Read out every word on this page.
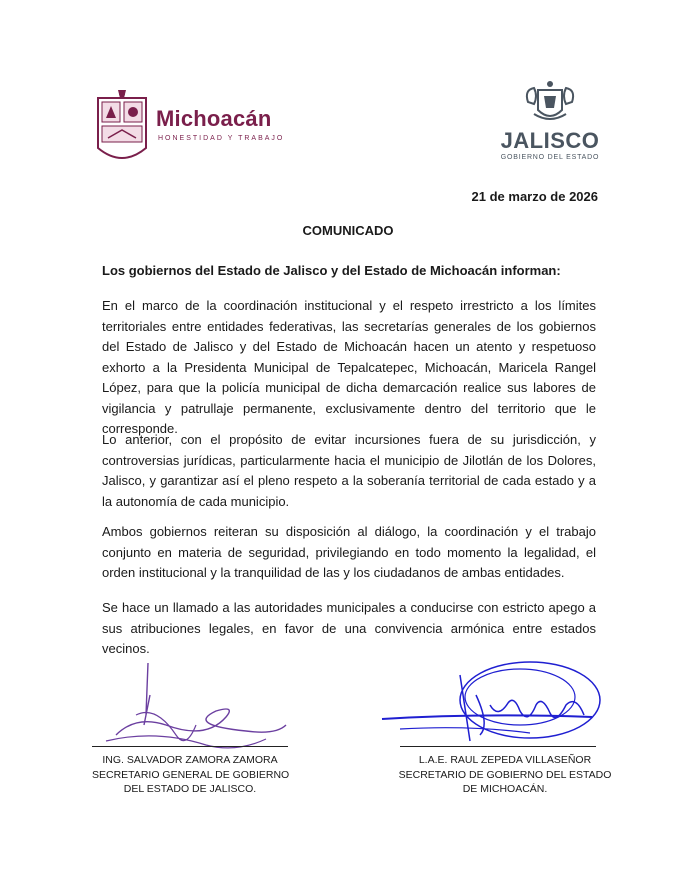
Michoacán
HONESTIDAD Y TRABAJO	JALISCO
GOBIERNO DEL ESTADO
21 de marzo de 2026
COMUNICADO
Los gobiernos del Estado de Jalisco y del Estado de Michoacán informan:
En el marco de la coordinación institucional y el respeto irrestricto a los límites territoriales entre entidades federativas, las secretarías generales de los gobiernos del Estado de Jalisco y del Estado de Michoacán hacen un atento y respetuoso exhorto a la Presidenta Municipal de Tepalcatepec, Michoacán, Maricela Rangel López, para que la policía municipal de dicha demarcación realice sus labores de vigilancia y patrullaje permanente, exclusivamente dentro del territorio que le corresponde.
Lo anterior, con el propósito de evitar incursiones fuera de su jurisdicción, y controversias jurídicas, particularmente hacia el municipio de Jilotlán de los Dolores, Jalisco, y garantizar así el pleno respeto a la soberanía territorial de cada estado y a la autonomía de cada municipio.
Ambos gobiernos reiteran su disposición al diálogo, la coordinación y el trabajo conjunto en materia de seguridad, privilegiando en todo momento la legalidad, el orden institucional y la tranquilidad de las y los ciudadanos de ambas entidades.
Se hace un llamado a las autoridades municipales a conducirse con estricto apego a sus atribuciones legales, en favor de una convivencia armónica entre estados vecinos.
ING. SALVADOR ZAMORA ZAMORA
SECRETARIO GENERAL DE GOBIERNO
DEL ESTADO DE JALISCO.
L.A.E. RAUL ZEPEDA VILLASEÑOR
SECRETARIO DE GOBIERNO DEL ESTADO
DE MICHOACÁN.
